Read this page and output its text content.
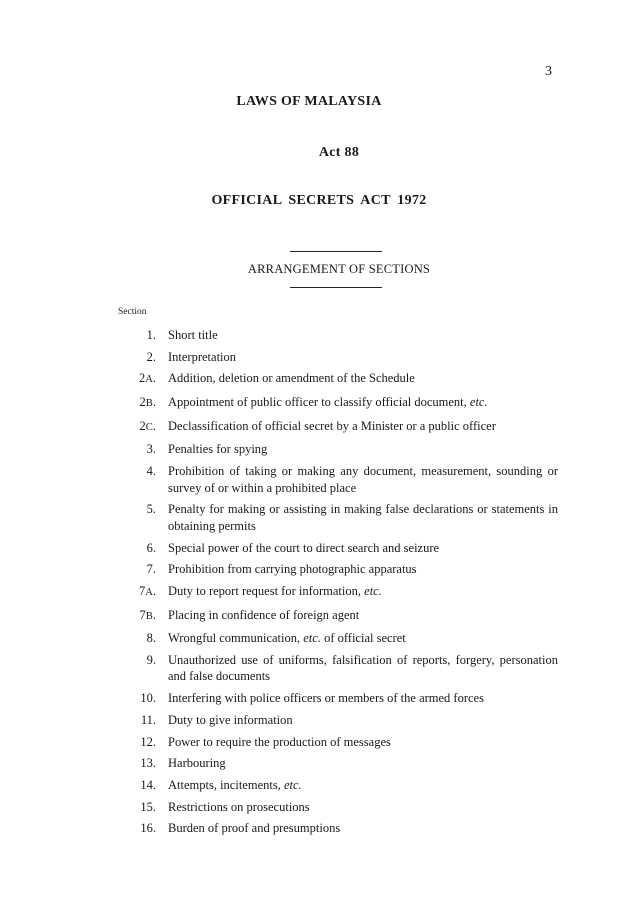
3
LAWS OF MALAYSIA
Act 88
OFFICIAL SECRETS ACT 1972
ARRANGEMENT OF SECTIONS
Section
1. Short title
2. Interpretation
2A. Addition, deletion or amendment of the Schedule
2B. Appointment of public officer to classify official document, etc.
2C. Declassification of official secret by a Minister or a public officer
3. Penalties for spying
4. Prohibition of taking or making any document, measurement, sounding or survey of or within a prohibited place
5. Penalty for making or assisting in making false declarations or statements in obtaining permits
6. Special power of the court to direct search and seizure
7. Prohibition from carrying photographic apparatus
7A. Duty to report request for information, etc.
7B. Placing in confidence of foreign agent
8. Wrongful communication, etc. of official secret
9. Unauthorized use of uniforms, falsification of reports, forgery, personation and false documents
10. Interfering with police officers or members of the armed forces
11. Duty to give information
12. Power to require the production of messages
13. Harbouring
14. Attempts, incitements, etc.
15. Restrictions on prosecutions
16. Burden of proof and presumptions
